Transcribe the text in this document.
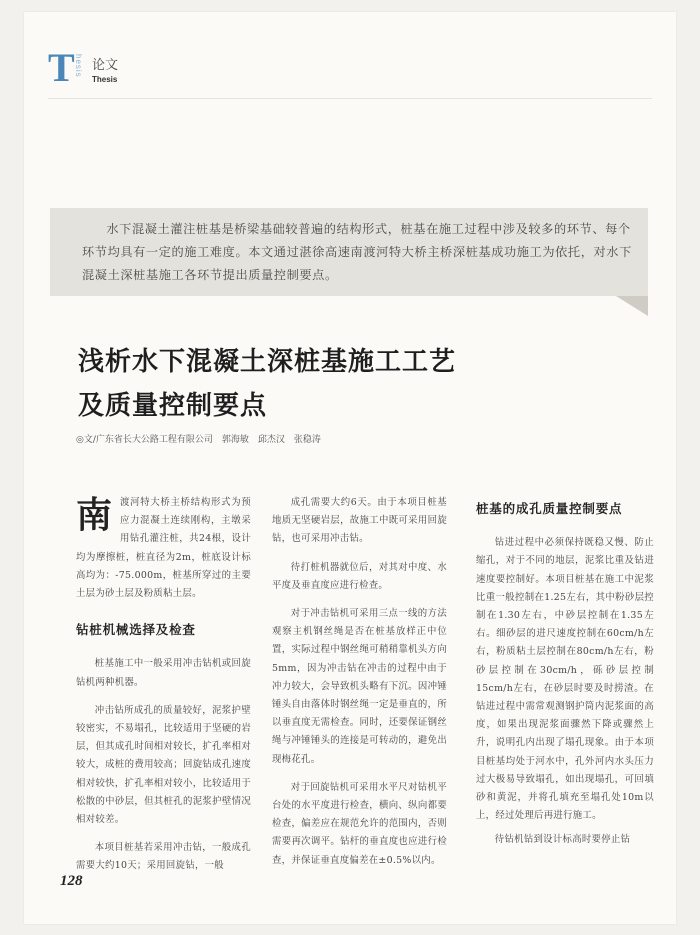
T hesis 论文
Thesis
水下混凝土灌注桩基是桥梁基础较普遍的结构形式，桩基在施工过程中涉及较多的环节、每个环节均具有一定的施工难度。本文通过湛徐高速南渡河特大桥主桥深桩基成功施工为依托，对水下混凝土深桩基施工各环节提出质量控制要点。
浅析水下混凝土深桩基施工工艺
及质量控制要点
◎文/广东省长大公路工程有限公司　郭海敏　邱杰汉　张稳涛
南 渡河特大桥主桥结构形式为预应力混凝土连续刚构，主墩采用钻孔灌注桩，共24根，设计均为摩擦桩，桩直径为2m，桩底设计标高均为：-75.000m，桩基所穿过的主要土层为砂土层及粉质粘土层。

钻桩机械选择及检查

桩基施工中一般采用冲击钻机或回旋钻机两种机器。

冲击钻所成孔的质量较好，泥浆护壁较密实，不易塌孔，比较适用于坚硬的岩层，但其成孔时间相对较长，扩孔率相对较大，成桩的费用较高；回旋钻成孔速度相对较快，扩孔率相对较小，比较适用于松散的中砂层，但其桩孔的泥浆护壁情况相对较差。

本项目桩基若采用冲击钻，一般成孔需要大约10天；采用回旋钻，一般

成孔需要大约6天。由于本项目桩基地质无坚硬岩层，故施工中既可采用回旋钻，也可采用冲击钻。

待打桩机器就位后，对其对中度、水平度及垂直度应进行检查。

对于冲击钻机可采用三点一线的方法观察主机钢丝绳是否在桩基放样正中位置，实际过程中钢丝绳可稍稍靠机头方向5mm，因为冲击钻在冲击的过程中由于冲力较大，会导致机头略有下沉。因冲锤锤头自由落体时钢丝绳一定是垂直的，所以垂直度无需检查。同时，还要保证钢丝绳与冲锤锤头的连接是可转动的，避免出现梅花孔。

对于回旋钻机可采用水平尺对钻机平台处的水平度进行检查，横向、纵向都要检查，偏差应在规范允许的范围内，否则需要再次调平。钻杆的垂直度也应进行检查，并保证垂直度偏差在±0.5%以内。

桩基的成孔质量控制要点

钻进过程中必须保持既稳又慢、防止缩孔，对于不同的地层，泥浆比重及钻进速度要控制好。本项目桩基在施工中泥浆比重一般控制在1.25左右，其中粉砂层控制在1.30左右，中砂层控制在1.35左右。细砂层的进尺速度控制在60cm/h左右，粉质粘土层控制在80cm/h左右，粉砂层控制在30cm/h，砾砂层控制15cm/h左右，在砂层时要及时捞渣。在钻进过程中需常观测钢护筒内泥浆面的高度，如果出现泥浆面骤然下降或骤然上升，说明孔内出现了塌孔现象。由于本项目桩基均处于河水中，孔外河内水头压力过大极易导致塌孔，如出现塌孔，可回填砂和黄泥，并将孔填充至塌孔处10m以上，经过处理后再进行施工。

待钻机钻到设计标高时要停止钻

128
